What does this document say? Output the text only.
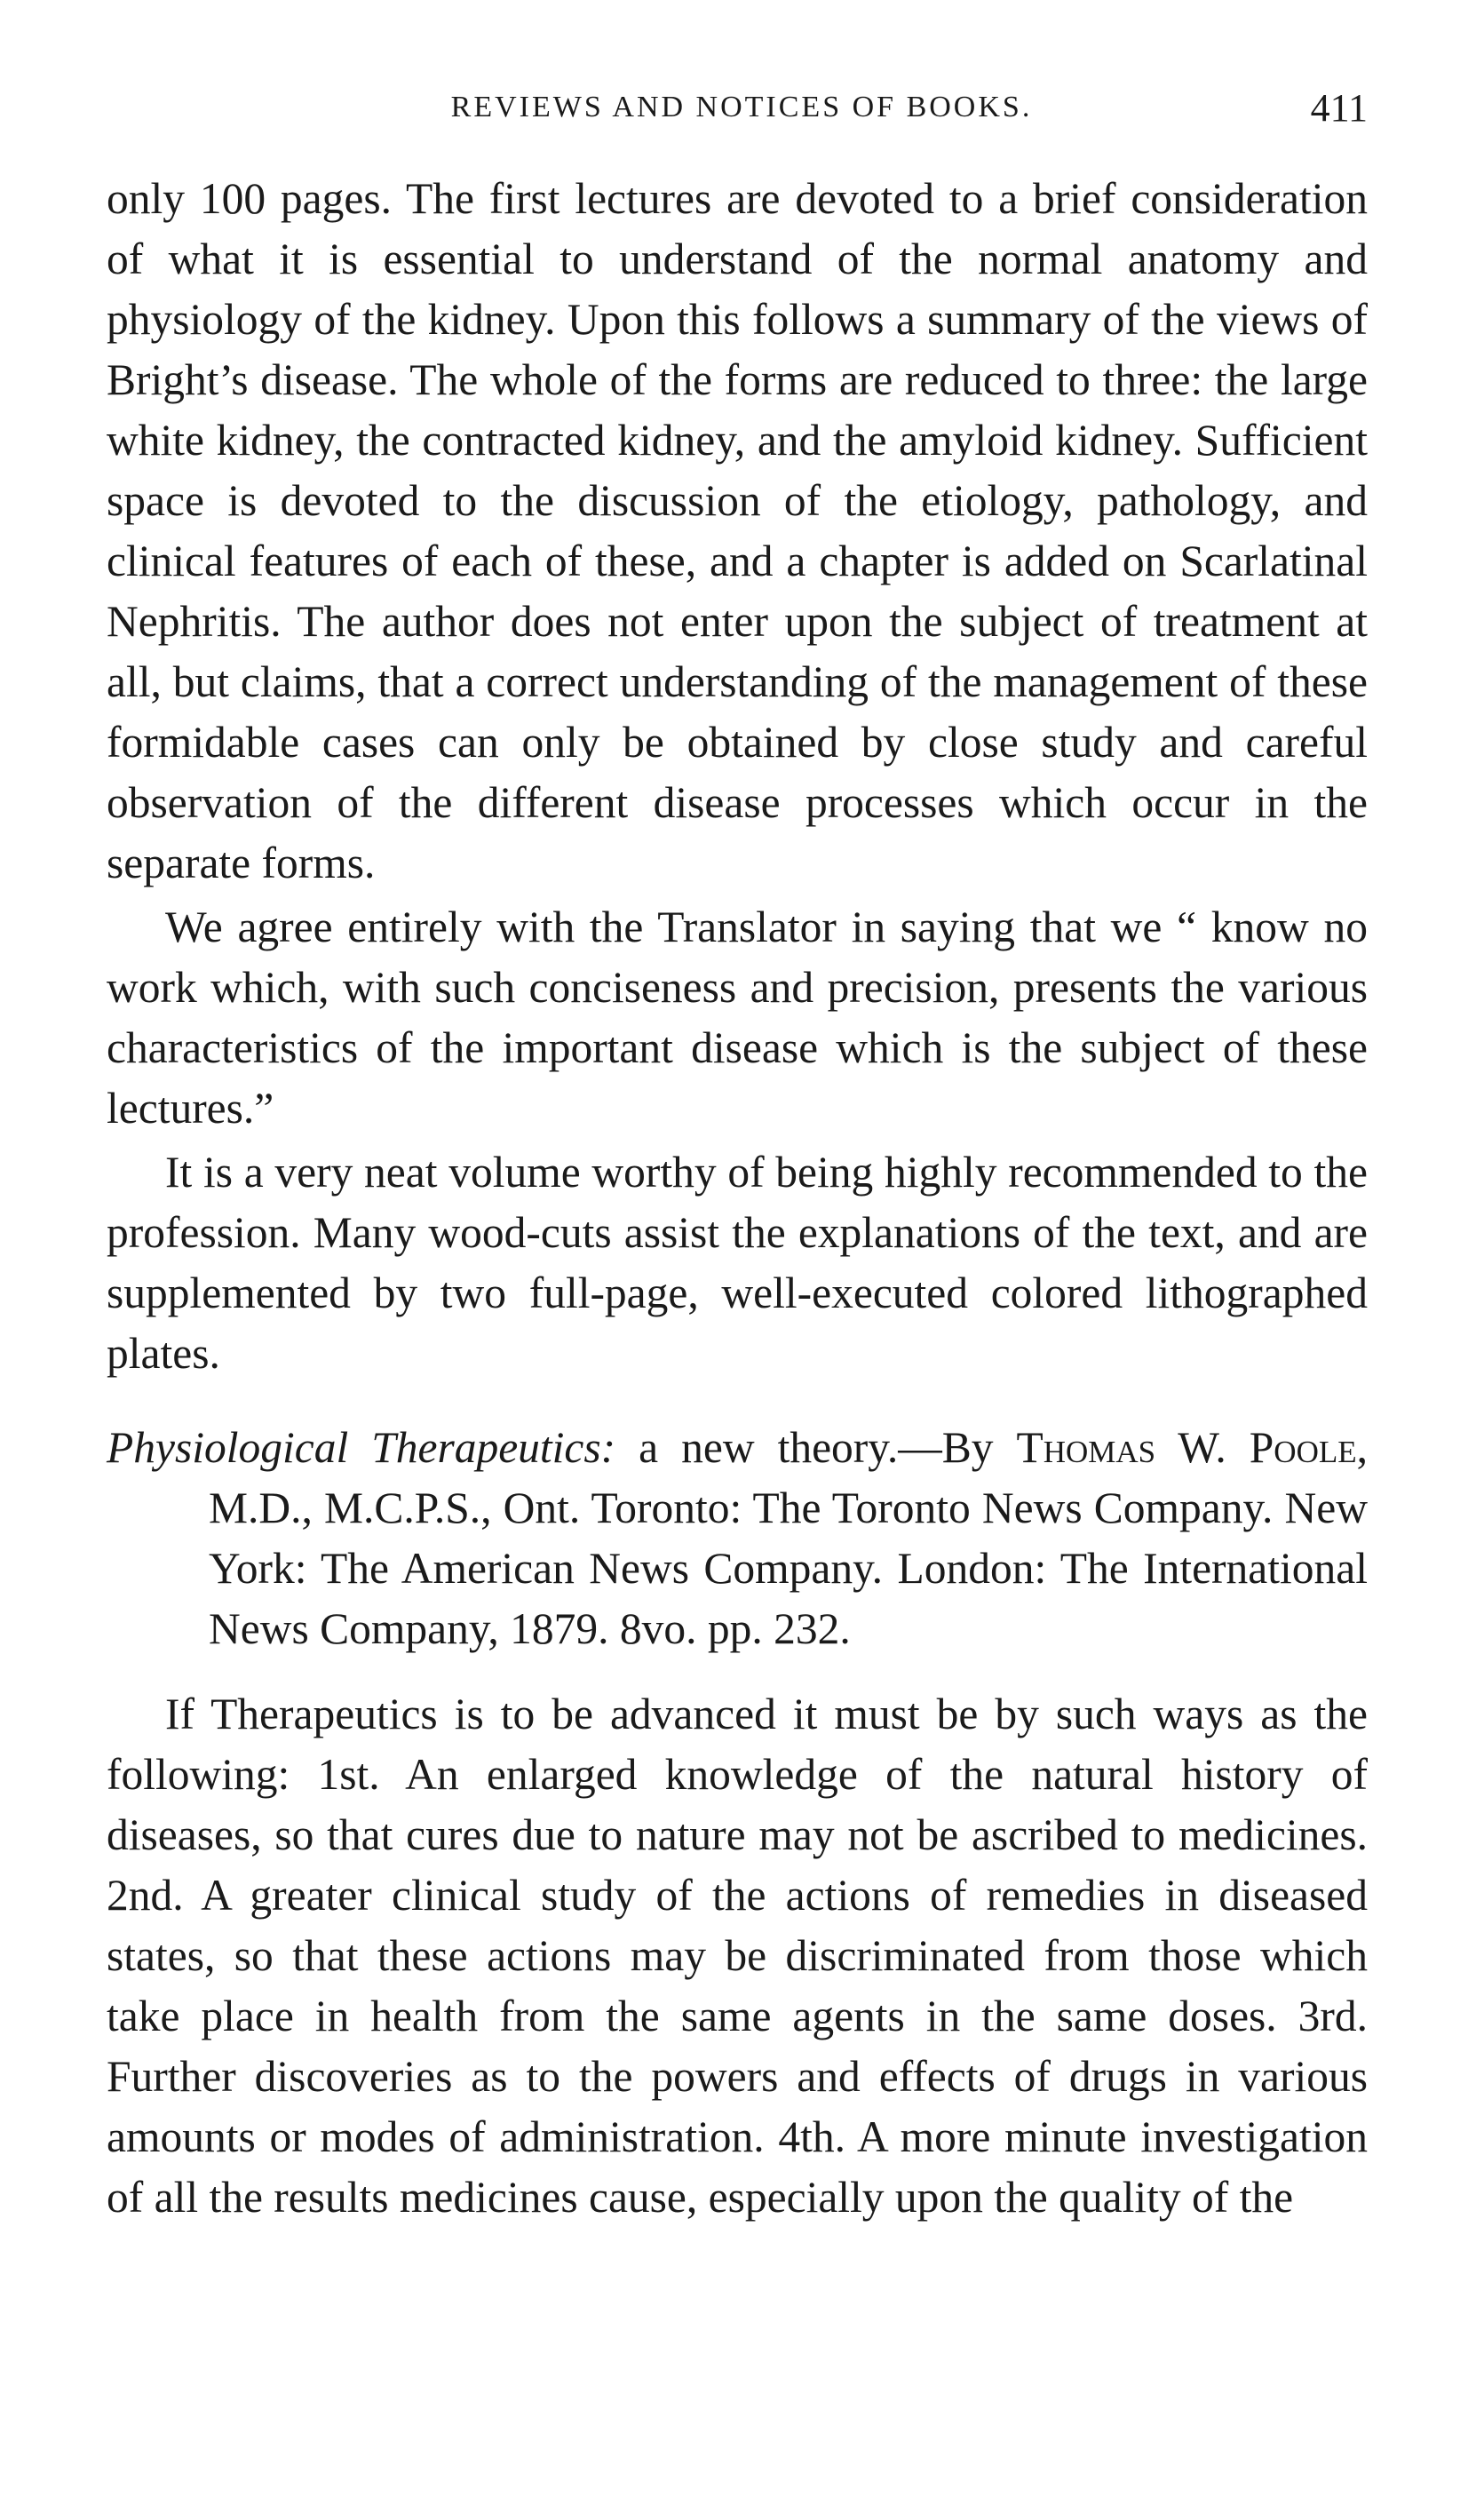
REVIEWS AND NOTICES OF BOOKS.	411

only 100 pages. The first lectures are devoted to a brief consideration of what it is essential to understand of the normal anatomy and physiology of the kidney. Upon this follows a summary of the views of Bright’s disease. The whole of the forms are reduced to three: the large white kidney, the contracted kidney, and the amyloid kidney. Sufficient space is devoted to the discussion of the etiology, pathology, and clinical features of each of these, and a chapter is added on Scarlatinal Nephritis. The author does not enter upon the subject of treatment at all, but claims, that a correct understanding of the management of these formidable cases can only be obtained by close study and careful observation of the different disease processes which occur in the separate forms.

We agree entirely with the Translator in saying that we “ know no work which, with such conciseness and precision, presents the various characteristics of the important disease which is the subject of these lectures.”

It is a very neat volume worthy of being highly recommended to the profession. Many wood-cuts assist the explanations of the text, and are supplemented by two full-page, well-executed colored lithographed plates.

Physiological Therapeutics: a new theory.—By Thomas W. Poole, M.D., M.C.P.S., Ont. Toronto: The Toronto News Company. New York: The American News Company. London: The International News Company, 1879. 8vo. pp. 232.

If Therapeutics is to be advanced it must be by such ways as the following: 1st. An enlarged knowledge of the natural history of diseases, so that cures due to nature may not be ascribed to medicines. 2nd. A greater clinical study of the actions of remedies in diseased states, so that these actions may be discriminated from those which take place in health from the same agents in the same doses. 3rd. Further discoveries as to the powers and effects of drugs in various amounts or modes of administration. 4th. A more minute investigation of all the results medicines cause, especially upon the quality of the
